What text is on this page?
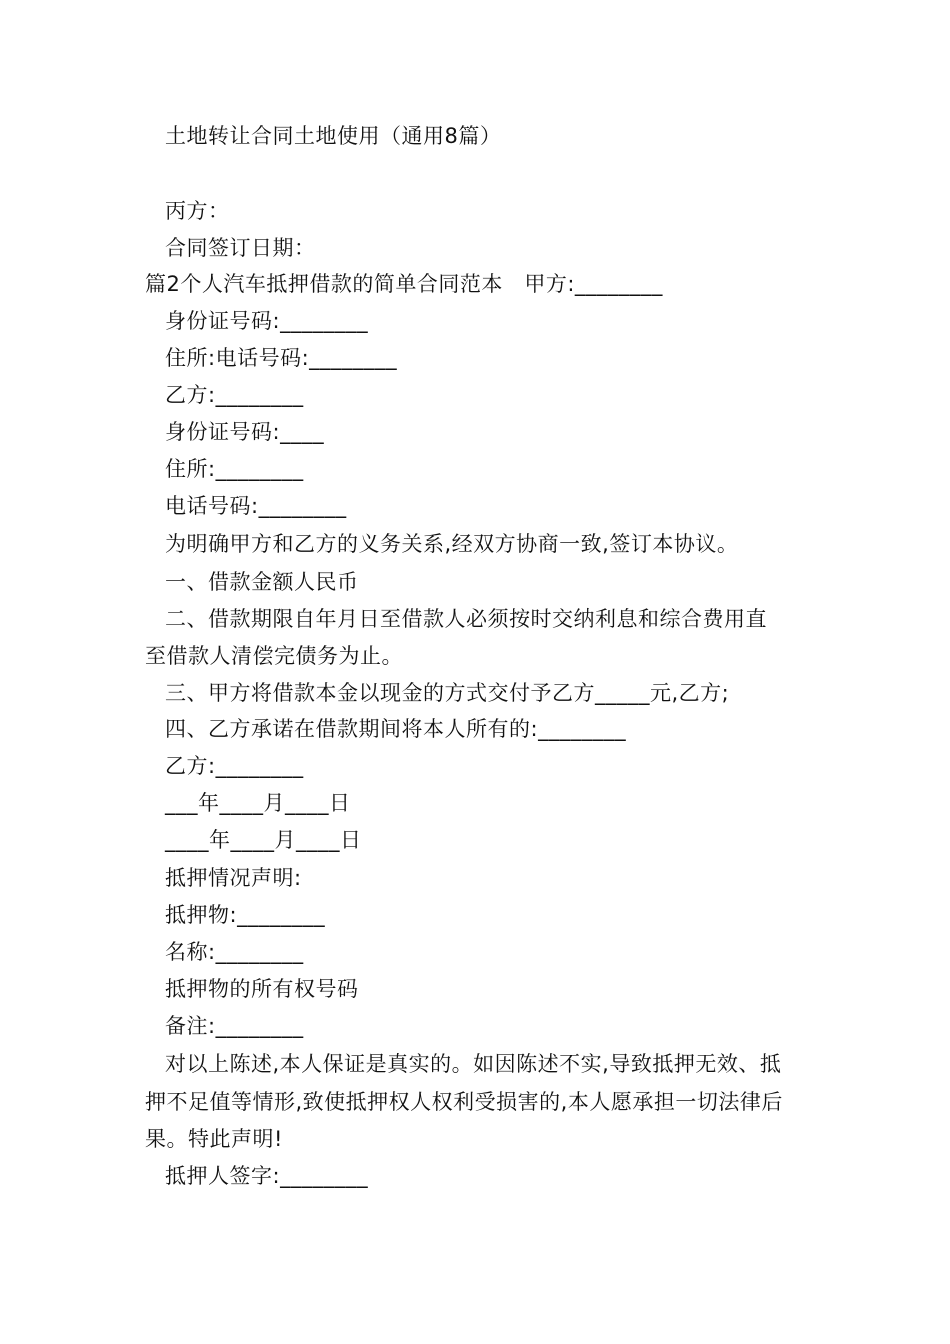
土地转让合同土地使用（通用8篇）
丙方：
合同签订日期：
篇2个人汽车抵押借款的简单合同范本　甲方:________
身份证号码:________
住所:电话号码:________
乙方:________
身份证号码:____
住所:________
电话号码:________
为明确甲方和乙方的义务关系,经双方协商一致,签订本协议。
一、借款金额人民币
二、借款期限自年月日至借款人必须按时交纳利息和综合费用直
至借款人清偿完债务为止。
三、甲方将借款本金以现金的方式交付予乙方_____元,乙方;
四、乙方承诺在借款期间将本人所有的:________
乙方:________
___年____月____日
____年____月____日
抵押情况声明:
抵押物:________
名称:________
抵押物的所有权号码
备注:________
对以上陈述,本人保证是真实的。如因陈述不实,导致抵押无效、抵
押不足值等情形,致使抵押权人权利受损害的,本人愿承担一切法律后
果。特此声明!
抵押人签字:________
